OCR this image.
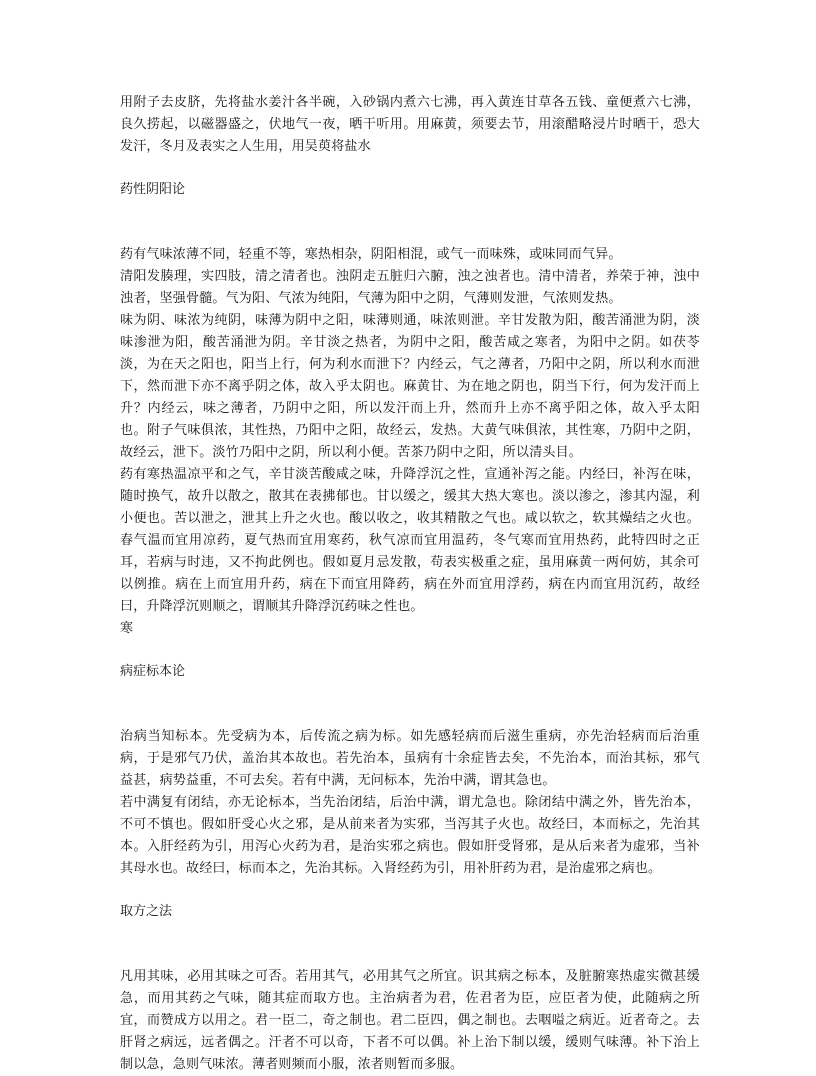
用附子去皮脐，先将盐水姜汁各半碗，入砂锅内煮六七沸，再入黄连甘草各五钱、童便煮六七沸，良久捞起，以磁器盛之，伏地气一夜，晒干听用。用麻黄，须要去节，用滚醋略浸片时晒干，恐大发汗，冬月及表实之人生用，用吴萸将盐水

药性阴阳论

药有气味浓薄不同，轻重不等，寒热相杂，阴阳相混，或气一而味殊，或味同而气异。

清阳发腠理，实四肢，清之清者也。浊阴走五脏归六腑，浊之浊者也。清中清者，养荣于神，浊中浊者，坚强骨髓。气为阳、气浓为纯阳，气薄为阳中之阴，气薄则发泄，气浓则发热。

味为阴、味浓为纯阴，味薄为阴中之阳，味薄则通，味浓则泄。辛甘发散为阳，酸苦涌泄为阴，淡味渗泄为阳，酸苦涌泄为阴。辛甘淡之热者，为阴中之阳，酸苦咸之寒者，为阳中之阴。如茯苓淡，为在天之阳也，阳当上行，何为利水而泄下？内经云，气之薄者，乃阳中之阴，所以利水而泄下，然而泄下亦不离乎阴之体，故入乎太阴也。麻黄甘、为在地之阴也，阴当下行，何为发汗而上升？内经云，味之薄者，乃阴中之阳，所以发汗而上升，然而升上亦不离乎阳之体，故入乎太阳也。附子气味俱浓，其性热，乃阳中之阳，故经云，发热。大黄气味俱浓，其性寒，乃阴中之阴，故经云，泄下。淡竹乃阳中之阴，所以利小便。苦茶乃阴中之阳，所以清头目。

药有寒热温凉平和之气，辛甘淡苦酸咸之味，升降浮沉之性，宣通补泻之能。内经曰，补泻在味，随时换气，故升以散之，散其在表拂郁也。甘以缓之，缓其大热大寒也。淡以渗之，渗其内湿，利小便也。苦以泄之，泄其上升之火也。酸以收之，收其精散之气也。咸以软之，软其燥结之火也。春气温而宜用凉药，夏气热而宜用寒药，秋气凉而宜用温药，冬气寒而宜用热药，此特四时之正耳，若病与时违，又不拘此例也。假如夏月忌发散，苟表实极重之症，虽用麻黄一两何妨，其余可以例推。病在上而宜用升药，病在下而宜用降药，病在外而宜用浮药，病在内而宜用沉药，故经曰，升降浮沉则顺之，谓顺其升降浮沉药味之性也。

寒

病症标本论

治病当知标本。先受病为本，后传流之病为标。如先感轻病而后滋生重病，亦先治轻病而后治重病，于是邪气乃伏，盖治其本故也。若先治本，虽病有十余症皆去矣，不先治本，而治其标，邪气益甚，病势益重，不可去矣。若有中满，无问标本，先治中满，谓其急也。

若中满复有闭结，亦无论标本，当先治闭结，后治中满，谓尤急也。除闭结中满之外，皆先治本，不可不慎也。假如肝受心火之邪，是从前来者为实邪，当泻其子火也。故经曰，本而标之，先治其本。入肝经药为引，用泻心火药为君，是治实邪之病也。假如肝受肾邪，是从后来者为虚邪，当补其母水也。故经曰，标而本之，先治其标。入肾经药为引，用补肝药为君，是治虚邪之病也。

取方之法

凡用其味，必用其味之可否。若用其气，必用其气之所宜。识其病之标本，及脏腑寒热虚实微甚缓急，而用其药之气味，随其症而取方也。主治病者为君，佐君者为臣，应臣者为使，此随病之所宜，而赞成方以用之。君一臣二，奇之制也。君二臣四，偶之制也。去咽嗌之病近。近者奇之。去肝肾之病远，远者偶之。汗者不可以奇，下者不可以偶。补上治下制以缓，缓则气味薄。补下治上制以急，急则气味浓。薄者则频而小服，浓者则暂而多服。
